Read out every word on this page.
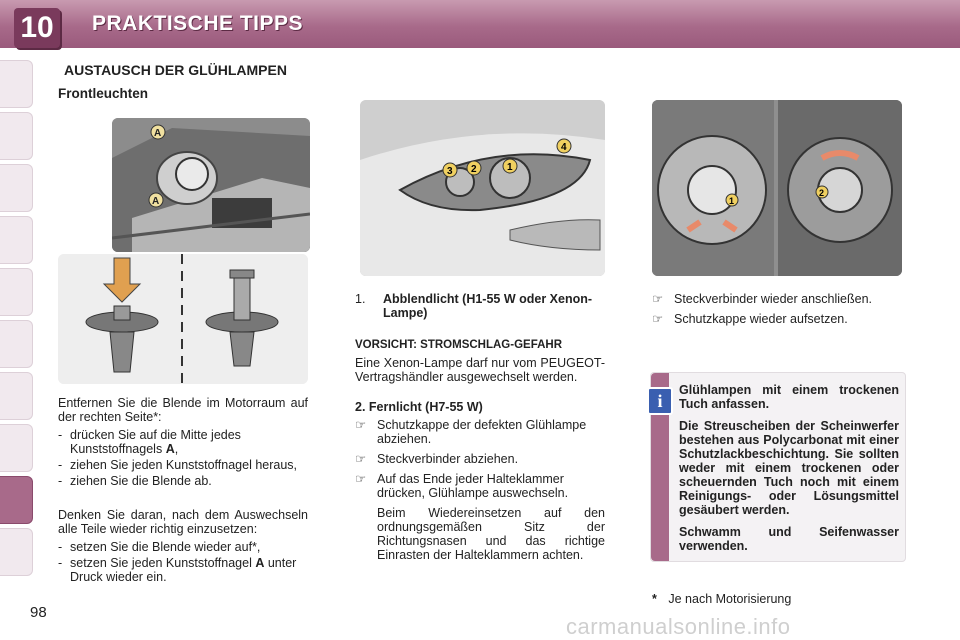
10	PRAKTISCHE TIPPS
AUSTAUSCH DER GLÜHLAMPEN
Frontleuchten
A
A
3 2	1
4
1
2

Entfernen Sie die Blende im Motorraum auf der rechten Seite*:

- drücken Sie auf die Mitte jedes Kunststoffnagels A,
- ziehen Sie jeden Kunststoffnagel heraus,
- ziehen Sie die Blende ab.

Denken Sie daran, nach dem Auswechseln alle Teile wieder richtig einzusetzen:

- setzen Sie die Blende wieder auf*,
- setzen Sie jeden Kunststoffnagel A unter Druck wieder ein.
1. Abblendlicht (H1-55 W oder Xenon-Lampe)

VORSICHT: STROMSCHLAG-GEFAHR

Eine Xenon-Lampe darf nur vom PEUGEOT-Vertragshändler ausgewechselt werden.

2. Fernlicht (H7-55 W)

☞ Schutzkappe der defekten Glühlampe abziehen.
☞ Steckverbinder abziehen.
☞ Auf das Ende jeder Halteklammer drücken, Glühlampe auswechseln.

Beim Wiedereinsetzen auf den ordnungsgemäßen Sitz der Richtungsnasen und das richtige Einrasten der Halteklammern achten.

☞ Steckverbinder wieder anschließen.
☞ Schutzkappe wieder aufsetzen.
i

Glühlampen mit einem trockenen Tuch anfassen.

Die Streuscheiben der Scheinwerfer bestehen aus Polycarbonat mit einer Schutzlackbeschichtung. Sie sollten weder mit einem trockenen oder scheuernden Tuch noch mit einem Reinigungs- oder Lösungsmittel gesäubert werden.

Schwamm und Seifenwasser verwenden.

* Je nach Motorisierung
98
carmanualsonline.info
